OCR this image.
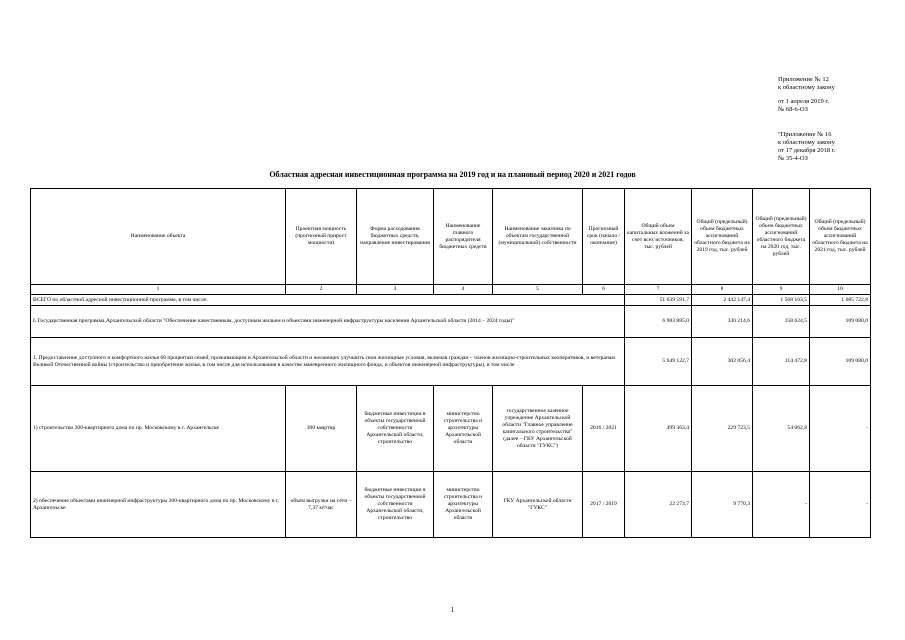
Приложение № 12
к областному закону
от 1 апреля 2019 г.
№ 68-6-ОЗ
"Приложение № 16
к областному закону
от 17 декабря 2018 г.
№ 35-4-ОЗ
Областная адресная инвестиционная программа на 2019 год и на плановый период 2020 и 2021 годов
Наименование объекта	Проектная мощность (прогнозный прирост мощности)	Форма расходования бюджетных средств, направление инвестирования	Наименование главного распорядителя бюджетных средств	Наименование заказчика по объектам государственной (муниципальной) собственности	Прогнозный срок (начало / окончание)	Общий объем капитальных вложений за счет всех источников, тыс. рублей	Общий (предельный) объем бюджетных ассигнований областного бюджета на 2019 год, тыс. рублей	Общий (предельный) объем бюджетных ассигнований областного бюджета на 2020 год, тыс. рублей	Общий (предельный) объем бюджетных ассигнований областного бюджета на 2021 год, тыс. рублей
1	2	3	4	5	6	7	8	9	10
ВСЕГО по областной адресной инвестиционной программе, в том числе:						51 639 591,7	2 442 147,4	1 568 163,5	1 085 722,8
I. Государственная программа Архангельской области "Обеспечение качественным, доступным жильем и объектами инженерной инфраструктуры населения Архангельской области (2014 – 2024 годы)"						6 983 885,0	336 214,6	158 624,5	109 080,0
1. Предоставление доступного и комфортного жилья 60 процентам семей, проживающим в Архангельской области и желающих улучшить свои жилищные условия, включая граждан – членов жилищно-строительных кооперативов, и ветеранам Великой Отечественной войны (строительство и приобретение жилья, в том числе для использования в качестве маневренного жилищного фонда, и объектов инженерной инфраструктуры), в том числе						5 649 122,7	302 056,4	114 472,8	109 080,0
1) строительство 300-квартирного дома по пр. Московскому в г. Архангельске	300 квартир	бюджетные инвестиции в объекты государственной собственности Архангельской области, строительство	министерство строительства и архитектуры Архангельской области	государственное казенное учреждение Архангельской области "Главное управление капитального строительства" (далее – ГКУ Архангельской области "ГУКС")	2016 / 2021	499 363,4	229 723,5	54 062,8	-
2) обеспечение объектами инженерной инфраструктуры 300-квартирного дома по пр. Московскому в г. Архангельске	объем выгрузки на сети – 7,37 м³/час	бюджетные инвестиции в объекты государственной собственности Архангельской области, строительство	министерство строительства и архитектуры Архангельской области	ГКУ Архангельской области "ГУКС"	2017 / 2019	22 273,7	9 770,3	-	-
1
